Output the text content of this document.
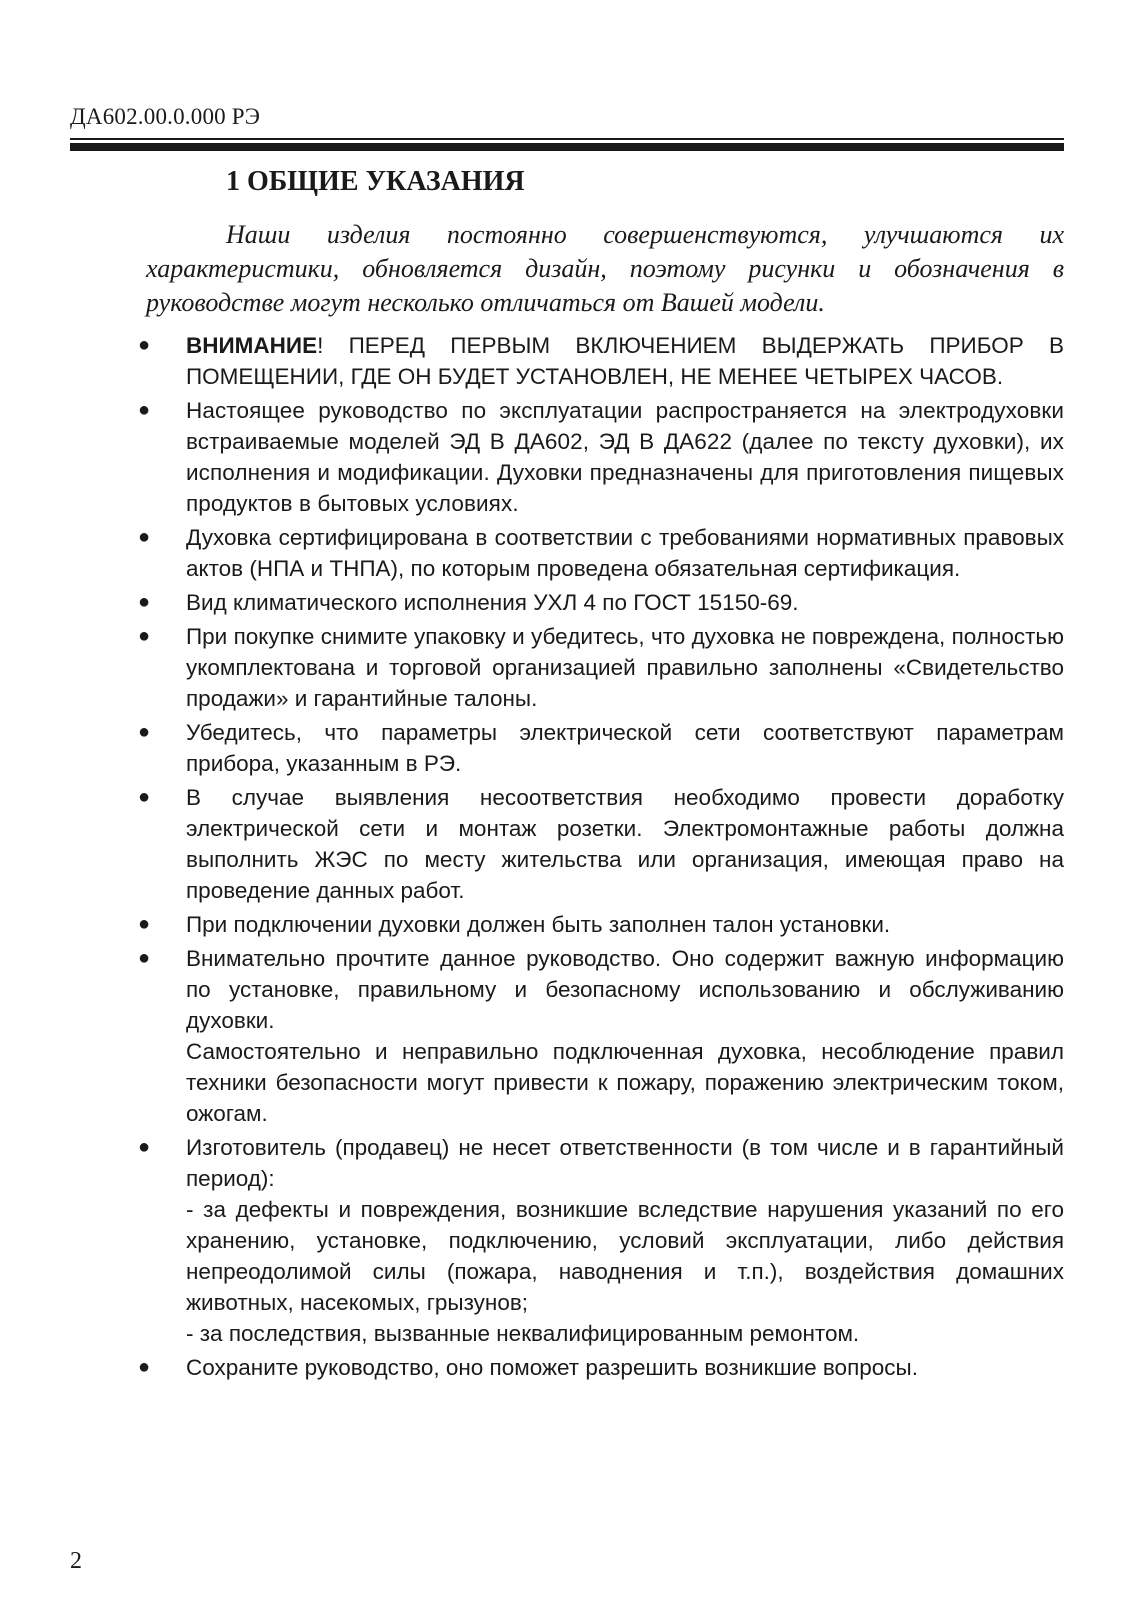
ДА602.00.0.000 РЭ
1 ОБЩИЕ УКАЗАНИЯ

Наши изделия постоянно совершенствуются, улучшаются их характеристики, обновляется дизайн, поэтому рисунки и обозначения в руководстве могут несколько отличаться от Вашей модели.

●	ВНИМАНИЕ! ПЕРЕД ПЕРВЫМ ВКЛЮЧЕНИЕМ ВЫДЕРЖАТЬ ПРИБОР В ПОМЕЩЕНИИ, ГДЕ ОН БУДЕТ УСТАНОВЛЕН, НЕ МЕНЕЕ ЧЕТЫРЕХ ЧАСОВ.

●	Настоящее руководство по эксплуатации распространяется на электродуховки встраиваемые моделей ЭД В ДА602, ЭД В ДА622 (далее по тексту духовки), их исполнения и модификации. Духовки предназначены для приготовления пищевых продуктов в бытовых условиях.

●	Духовка сертифицирована в соответствии с требованиями нормативных правовых актов (НПА и ТНПА), по которым проведена обязательная сертификация.

●	Вид климатического исполнения УХЛ 4 по ГОСТ 15150-69.

●	При покупке снимите упаковку и убедитесь, что духовка не повреждена, полностью укомплектована и торговой организацией правильно заполнены «Свидетельство продажи» и гарантийные талоны.

●	Убедитесь, что параметры электрической сети соответствуют параметрам прибора, указанным в РЭ.

●	В случае выявления несоответствия необходимо провести доработку электрической сети и монтаж розетки. Электромонтажные работы должна выполнить ЖЭС по месту жительства или организация, имеющая право на проведение данных работ.

●	При подключении духовки должен быть заполнен талон установки.

●	Внимательно прочтите данное руководство. Оно содержит важную информацию по установке, правильному и безопасному использованию и обслуживанию духовки.

Самостоятельно и неправильно подключенная духовка, несоблюдение правил техники безопасности могут привести к пожару, поражению электрическим током, ожогам.

●	Изготовитель (продавец) не несет ответственности (в том числе и в гарантийный период):

- за дефекты и повреждения, возникшие вследствие нарушения указаний по его хранению, установке, подключению, условий эксплуатации, либо действия непреодолимой силы (пожара, наводнения и т.п.), воздействия домашних животных, насекомых, грызунов;

- за последствия, вызванные неквалифицированным ремонтом.

●	Сохраните руководство, оно поможет разрешить возникшие вопросы.

2
